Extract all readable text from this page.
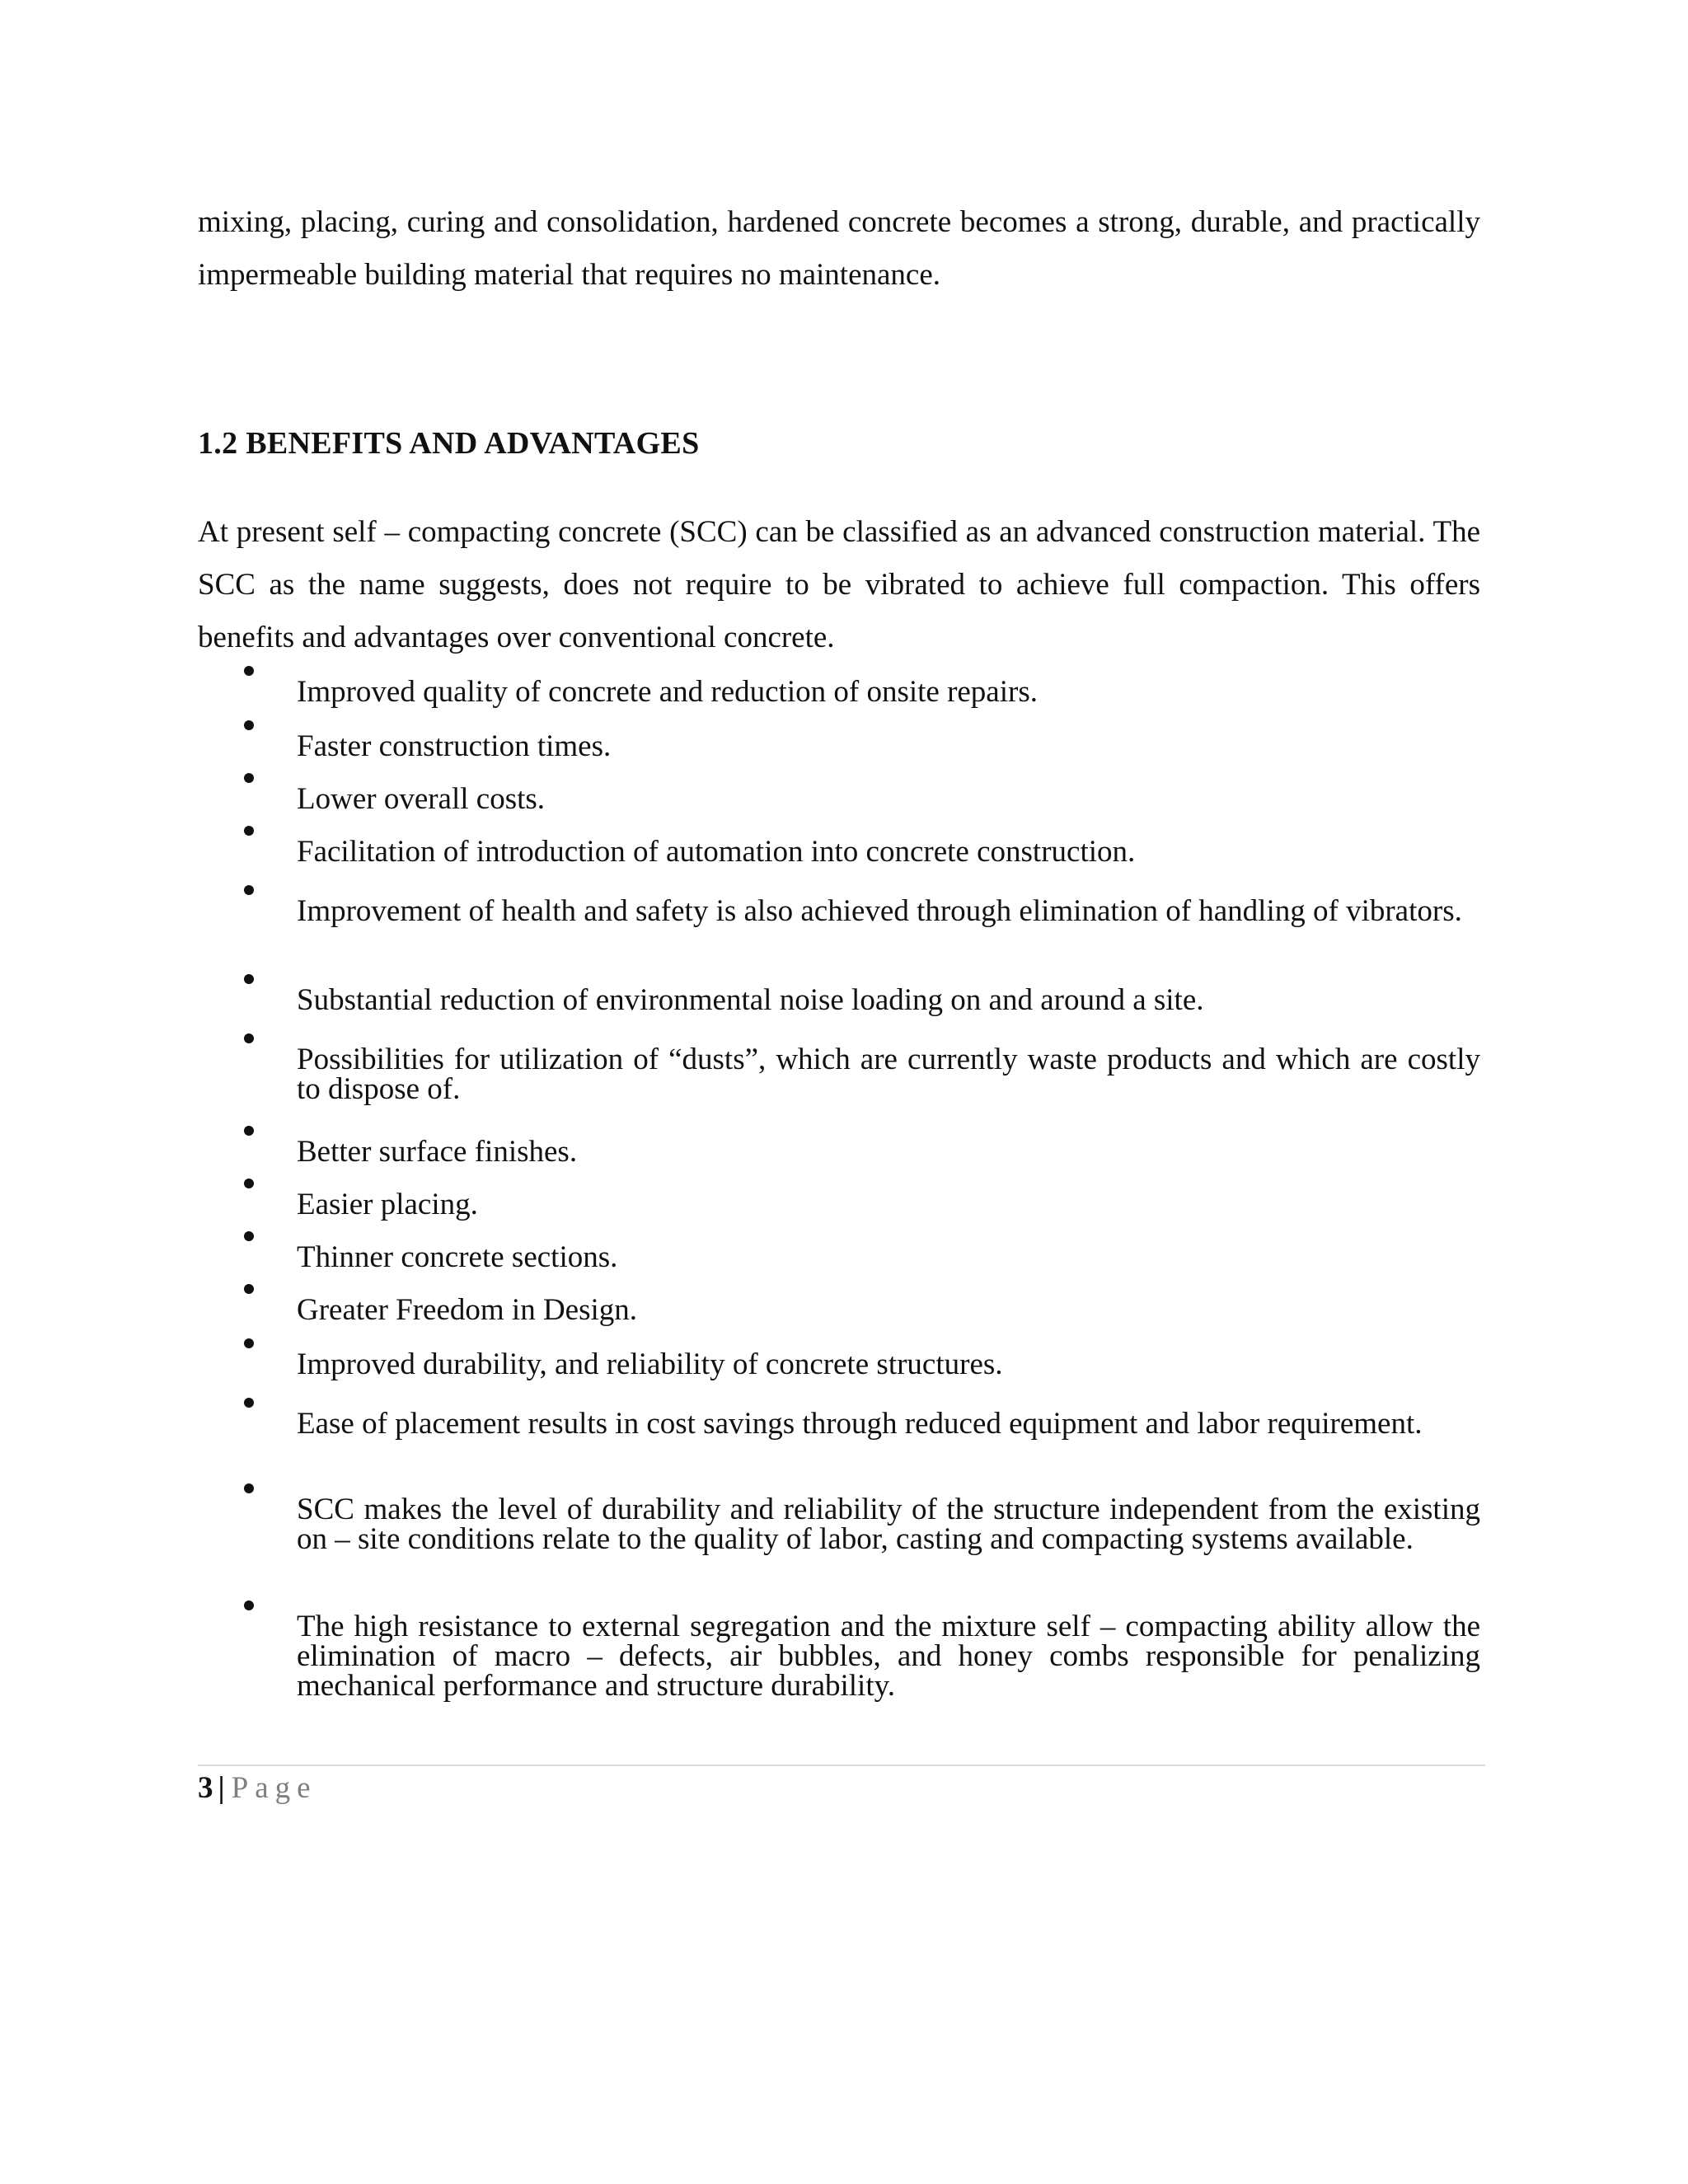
mixing, placing, curing and consolidation, hardened concrete becomes a strong, durable, and practically impermeable building material that requires no maintenance.

1.2 BENEFITS AND ADVANTAGES

At present self – compacting concrete (SCC) can be classified as an advanced construction material. The SCC as the name suggests, does not require to be vibrated to achieve full compaction. This offers benefits and advantages over conventional concrete.

Improved quality of concrete and reduction of onsite repairs.

Faster construction times.

Lower overall costs.

Facilitation of introduction of automation into concrete construction.

Improvement of health and safety is also achieved through elimination of handling of vibrators.

Substantial reduction of environmental noise loading on and around a site.

Possibilities for utilization of “dusts”, which are currently waste products and which are costly to dispose of.

Better surface finishes.

Easier placing.

Thinner concrete sections.

Greater Freedom in Design.

Improved durability, and reliability of concrete structures.

Ease of placement results in cost savings through reduced equipment and labor requirement.

SCC makes the level of durability and reliability of the structure independent from the existing on – site conditions relate to the quality of labor, casting and compacting systems available.

The high resistance to external segregation and the mixture self – compacting ability allow the elimination of macro – defects, air bubbles, and honey combs responsible for penalizing mechanical performance and structure durability.

3 | Page
